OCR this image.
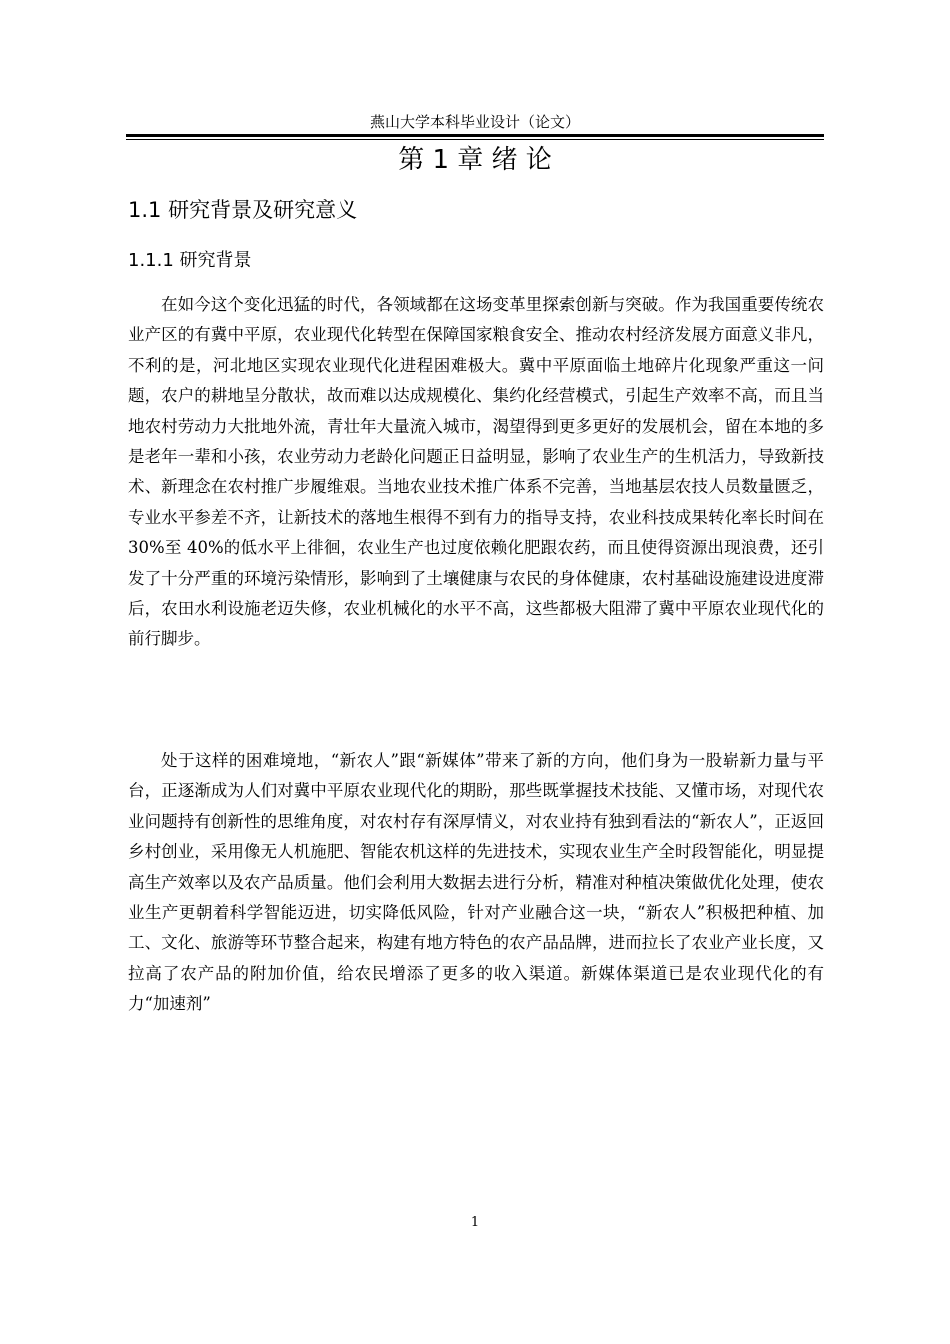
燕山大学本科毕业设计（论文）
第 1 章 绪 论
1.1 研究背景及研究意义
1.1.1 研究背景

在如今这个变化迅猛的时代，各领域都在这场变革里探索创新与突破。作为我国重要传统农业产区的有冀中平原，农业现代化转型在保障国家粮食安全、推动农村经济发展方面意义非凡，不利的是，河北地区实现农业现代化进程困难极大。冀中平原面临土地碎片化现象严重这一问题，农户的耕地呈分散状，故而难以达成规模化、集约化经营模式，引起生产效率不高，而且当地农村劳动力大批地外流，青壮年大量流入城市，渴望得到更多更好的发展机会，留在本地的多是老年一辈和小孩，农业劳动力老龄化问题正日益明显，影响了农业生产的生机活力，导致新技术、新理念在农村推广步履维艰。当地农业技术推广体系不完善，当地基层农技人员数量匮乏，专业水平参差不齐，让新技术的落地生根得不到有力的指导支持，农业科技成果转化率长时间在 30%至 40%的低水平上徘徊，农业生产也过度依赖化肥跟农药，而且使得资源出现浪费，还引发了十分严重的环境污染情形，影响到了土壤健康与农民的身体健康，农村基础设施建设进度滞后，农田水利设施老迈失修，农业机械化的水平不高，这些都极大阻滞了冀中平原农业现代化的前行脚步。

处于这样的困难境地，“新农人”跟“新媒体”带来了新的方向，他们身为一股崭新力量与平台，正逐渐成为人们对冀中平原农业现代化的期盼，那些既掌握技术技能、又懂市场，对现代农业问题持有创新性的思维角度，对农村存有深厚情义，对农业持有独到看法的“新农人”，正返回乡村创业，采用像无人机施肥、智能农机这样的先进技术，实现农业生产全时段智能化，明显提高生产效率以及农产品质量。他们会利用大数据去进行分析，精准对种植决策做优化处理，使农业生产更朝着科学智能迈进，切实降低风险，针对产业融合这一块，“新农人”积极把种植、加工、文化、旅游等环节整合起来，构建有地方特色的农产品品牌，进而拉长了农业产业长度，又拉高了农产品的附加价值，给农民增添了更多的收入渠道。新媒体渠道已是农业现代化的有力“加速剂”

1
